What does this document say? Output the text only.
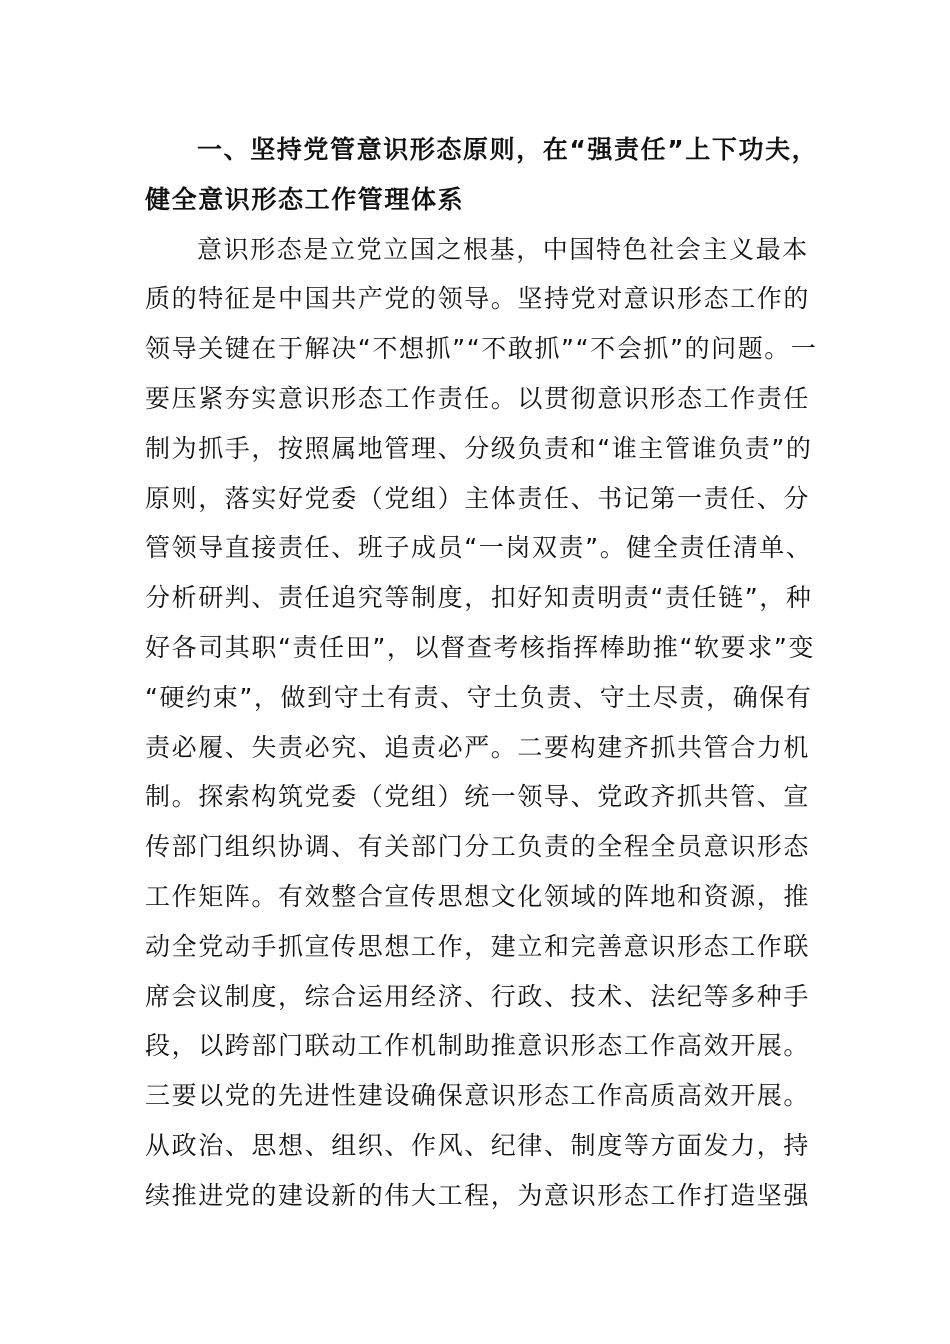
一、坚持党管意识形态原则，在“强责任”上下功夫，
健全意识形态工作管理体系
意识形态是立党立国之根基，中国特色社会主义最本
质的特征是中国共产党的领导。坚持党对意识形态工作的
领导关键在于解决“不想抓”“不敢抓”“不会抓”的问题。一
要压紧夯实意识形态工作责任。以贯彻意识形态工作责任
制为抓手，按照属地管理、分级负责和“谁主管谁负责”的
原则，落实好党委（党组）主体责任、书记第一责任、分
管领导直接责任、班子成员“一岗双责”。健全责任清单、
分析研判、责任追究等制度，扣好知责明责“责任链”，种
好各司其职“责任田”，以督查考核指挥棒助推“软要求”变
“硬约束”，做到守土有责、守土负责、守土尽责，确保有
责必履、失责必究、追责必严。二要构建齐抓共管合力机
制。探索构筑党委（党组）统一领导、党政齐抓共管、宣
传部门组织协调、有关部门分工负责的全程全员意识形态
工作矩阵。有效整合宣传思想文化领域的阵地和资源，推
动全党动手抓宣传思想工作，建立和完善意识形态工作联
席会议制度，综合运用经济、行政、技术、法纪等多种手
段，以跨部门联动工作机制助推意识形态工作高效开展。
三要以党的先进性建设确保意识形态工作高质高效开展。
从政治、思想、组织、作风、纪律、制度等方面发力，持
续推进党的建设新的伟大工程，为意识形态工作打造坚强
